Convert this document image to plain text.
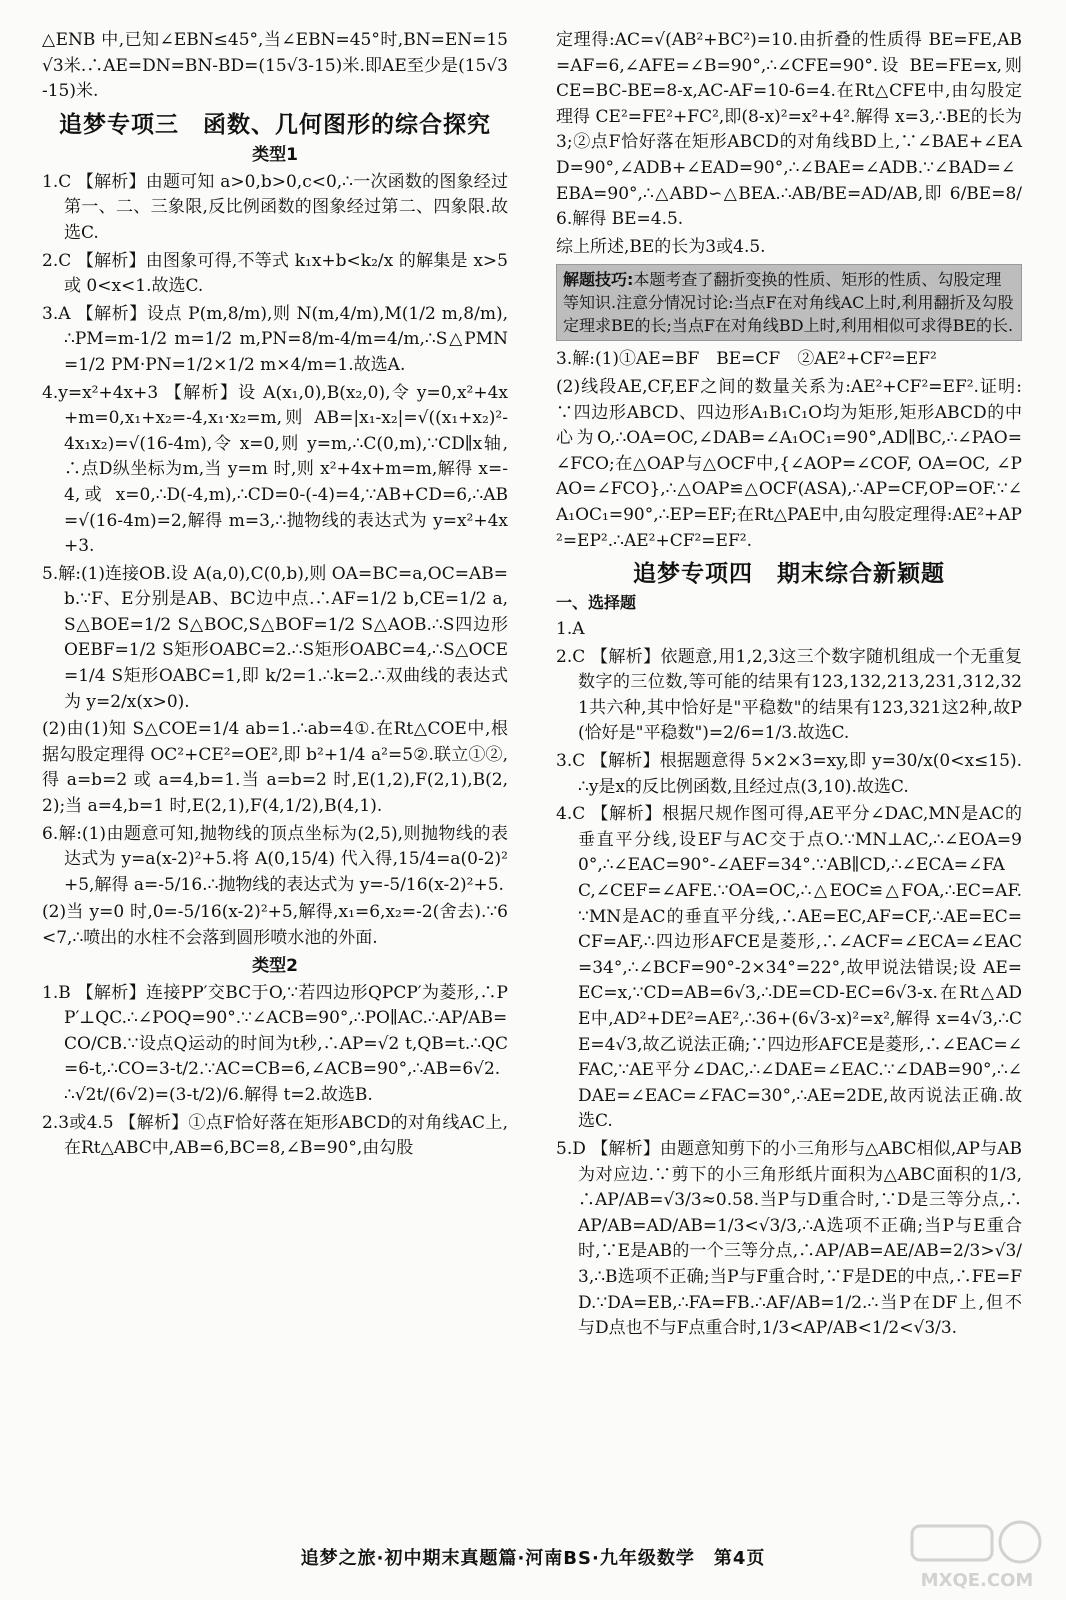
△ENB 中,已知∠EBN≤45°,当∠EBN=45°时,BN=EN=15√3米.∴AE=DN=BN-BD=(15√3-15)米.即AE至少是(15√3-15)米.

追梦专项三　函数、几何图形的综合探究
类型1

1.C 【解析】由题可知 a>0,b>0,c<0,∴一次函数的图象经过第一、二、三象限,反比例函数的图象经过第二、四象限.故选C.

2.C 【解析】由图象可得,不等式 k₁x+b<k₂/x 的解集是 x>5 或 0<x<1.故选C.

3.A 【解析】设点 P(m,8/m),则 N(m,4/m),M(1/2 m,8/m),∴PM=m-1/2 m=1/2 m,PN=8/m-4/m=4/m,∴S△PMN=1/2 PM·PN=1/2×1/2 m×4/m=1.故选A.

4.y=x²+4x+3 【解析】设 A(x₁,0),B(x₂,0),令 y=0,x²+4x+m=0,x₁+x₂=-4,x₁·x₂=m,则 AB=|x₁-x₂|=√((x₁+x₂)²-4x₁x₂)=√(16-4m),令 x=0,则 y=m,∴C(0,m),∵CD∥x轴,∴点D纵坐标为m,当 y=m 时,则 x²+4x+m=m,解得 x=-4,或 x=0,∴D(-4,m),∴CD=0-(-4)=4,∵AB+CD=6,∴AB=√(16-4m)=2,解得 m=3,∴抛物线的表达式为 y=x²+4x+3.

5.解:(1)连接OB.设 A(a,0),C(0,b),则 OA=BC=a,OC=AB=b.∵F、E分别是AB、BC边中点.∴AF=1/2 b,CE=1/2 a,S△BOE=1/2 S△BOC,S△BOF=1/2 S△AOB.∴S四边形OEBF=1/2 S矩形OABC=2.∴S矩形OABC=4,∴S△OCE=1/4 S矩形OABC=1,即 k/2=1.∴k=2.∴双曲线的表达式为 y=2/x(x>0).

(2)由(1)知 S△COE=1/4 ab=1.∴ab=4①.在Rt△COE中,根据勾股定理得 OC²+CE²=OE²,即 b²+1/4 a²=5②.联立①②,得 a=b=2 或 a=4,b=1.当 a=b=2 时,E(1,2),F(2,1),B(2,2);当 a=4,b=1 时,E(2,1),F(4,1/2),B(4,1).

6.解:(1)由题意可知,抛物线的顶点坐标为(2,5),则抛物线的表达式为 y=a(x-2)²+5.将 A(0,15/4) 代入得,15/4=a(0-2)²+5,解得 a=-5/16.∴抛物线的表达式为 y=-5/16(x-2)²+5.

(2)当 y=0 时,0=-5/16(x-2)²+5,解得,x₁=6,x₂=-2(舍去).∵6<7,∴喷出的水柱不会落到圆形喷水池的外面.

类型2

1.B 【解析】连接PP′交BC于O,∵若四边形QPCP′为菱形,∴PP′⊥QC.∴∠POQ=90°.∵∠ACB=90°,∴PO∥AC.∴AP/AB=CO/CB.∵设点Q运动的时间为t秒,∴AP=√2 t,QB=t.∴QC=6-t,∴CO=3-t/2.∵AC=CB=6,∠ACB=90°,∴AB=6√2.∴√2t/(6√2)=(3-t/2)/6.解得 t=2.故选B.

2.3或4.5 【解析】①点F恰好落在矩形ABCD的对角线AC上,在Rt△ABC中,AB=6,BC=8,∠B=90°,由勾股

定理得:AC=√(AB²+BC²)=10.由折叠的性质得 BE=FE,AB=AF=6,∠AFE=∠B=90°,∴∠CFE=90°.设 BE=FE=x,则 CE=BC-BE=8-x,AC-AF=10-6=4.在Rt△CFE中,由勾股定理得 CE²=FE²+FC²,即(8-x)²=x²+4².解得 x=3,∴BE的长为3;②点F恰好落在矩形ABCD的对角线BD上,∵∠BAE+∠EAD=90°,∠ADB+∠EAD=90°,∴∠BAE=∠ADB.∵∠BAD=∠EBA=90°,∴△ABD∽△BEA.∴AB/BE=AD/AB,即 6/BE=8/6.解得 BE=4.5.

综上所述,BE的长为3或4.5.

解题技巧:本题考查了翻折变换的性质、矩形的性质、勾股定理等知识.注意分情况讨论:当点F在对角线AC上时,利用翻折及勾股定理求BE的长;当点F在对角线BD上时,利用相似可求得BE的长.

3.解:(1)①AE=BF　BE=CF　②AE²+CF²=EF²

(2)线段AE,CF,EF之间的数量关系为:AE²+CF²=EF².证明:∵四边形ABCD、四边形A₁B₁C₁O均为矩形,矩形ABCD的中心为O,∴OA=OC,∠DAB=∠A₁OC₁=90°,AD∥BC,∴∠PAO=∠FCO;在△OAP与△OCF中,{∠AOP=∠COF, OA=OC, ∠PAO=∠FCO},∴△OAP≌△OCF(ASA),∴AP=CF,OP=OF.∵∠A₁OC₁=90°,∴EP=EF;在Rt△PAE中,由勾股定理得:AE²+AP²=EP².∴AE²+CF²=EF².

追梦专项四　期末综合新颖题
一、选择题

1.A

2.C 【解析】依题意,用1,2,3这三个数字随机组成一个无重复数字的三位数,等可能的结果有123,132,213,231,312,321共六种,其中恰好是"平稳数"的结果有123,321这2种,故P(恰好是"平稳数")=2/6=1/3.故选C.

3.C 【解析】根据题意得 5×2×3=xy,即 y=30/x(0<x≤15).∴y是x的反比例函数,且经过点(3,10).故选C.

4.C 【解析】根据尺规作图可得,AE平分∠DAC,MN是AC的垂直平分线,设EF与AC交于点O.∵MN⊥AC,∴∠EOA=90°,∴∠EAC=90°-∠AEF=34°.∵AB∥CD,∴∠ECA=∠FAC,∠CEF=∠AFE.∵OA=OC,∴△EOC≌△FOA,∴EC=AF.∵MN是AC的垂直平分线,∴AE=EC,AF=CF,∴AE=EC=CF=AF,∴四边形AFCE是菱形,∴∠ACF=∠ECA=∠EAC=34°,∴∠BCF=90°-2×34°=22°,故甲说法错误;设 AE=EC=x,∵CD=AB=6√3,∴DE=CD-EC=6√3-x.在Rt△ADE中,AD²+DE²=AE²,∴36+(6√3-x)²=x²,解得 x=4√3,∴CE=4√3,故乙说法正确;∵四边形AFCE是菱形,∴∠EAC=∠FAC,∵AE平分∠DAC,∴∠DAE=∠EAC.∵∠DAB=90°,∴∠DAE=∠EAC=∠FAC=30°,∴AE=2DE,故丙说法正确.故选C.

5.D 【解析】由题意知剪下的小三角形与△ABC相似,AP与AB为对应边.∵剪下的小三角形纸片面积为△ABC面积的1/3,∴AP/AB=√3/3≈0.58.当P与D重合时,∵D是三等分点,∴AP/AB=AD/AB=1/3<√3/3,∴A选项不正确;当P与E重合时,∵E是AB的一个三等分点,∴AP/AB=AE/AB=2/3>√3/3,∴B选项不正确;当P与F重合时,∵F是DE的中点,∴FE=FD.∵DA=EB,∴FA=FB.∴AF/AB=1/2.∴当P在DF上,但不与D点也不与F点重合时,1/3<AP/AB<1/2<√3/3.

追梦之旅·初中期末真题篇·河南BS·九年级数学　第4页
MXQE.COM
